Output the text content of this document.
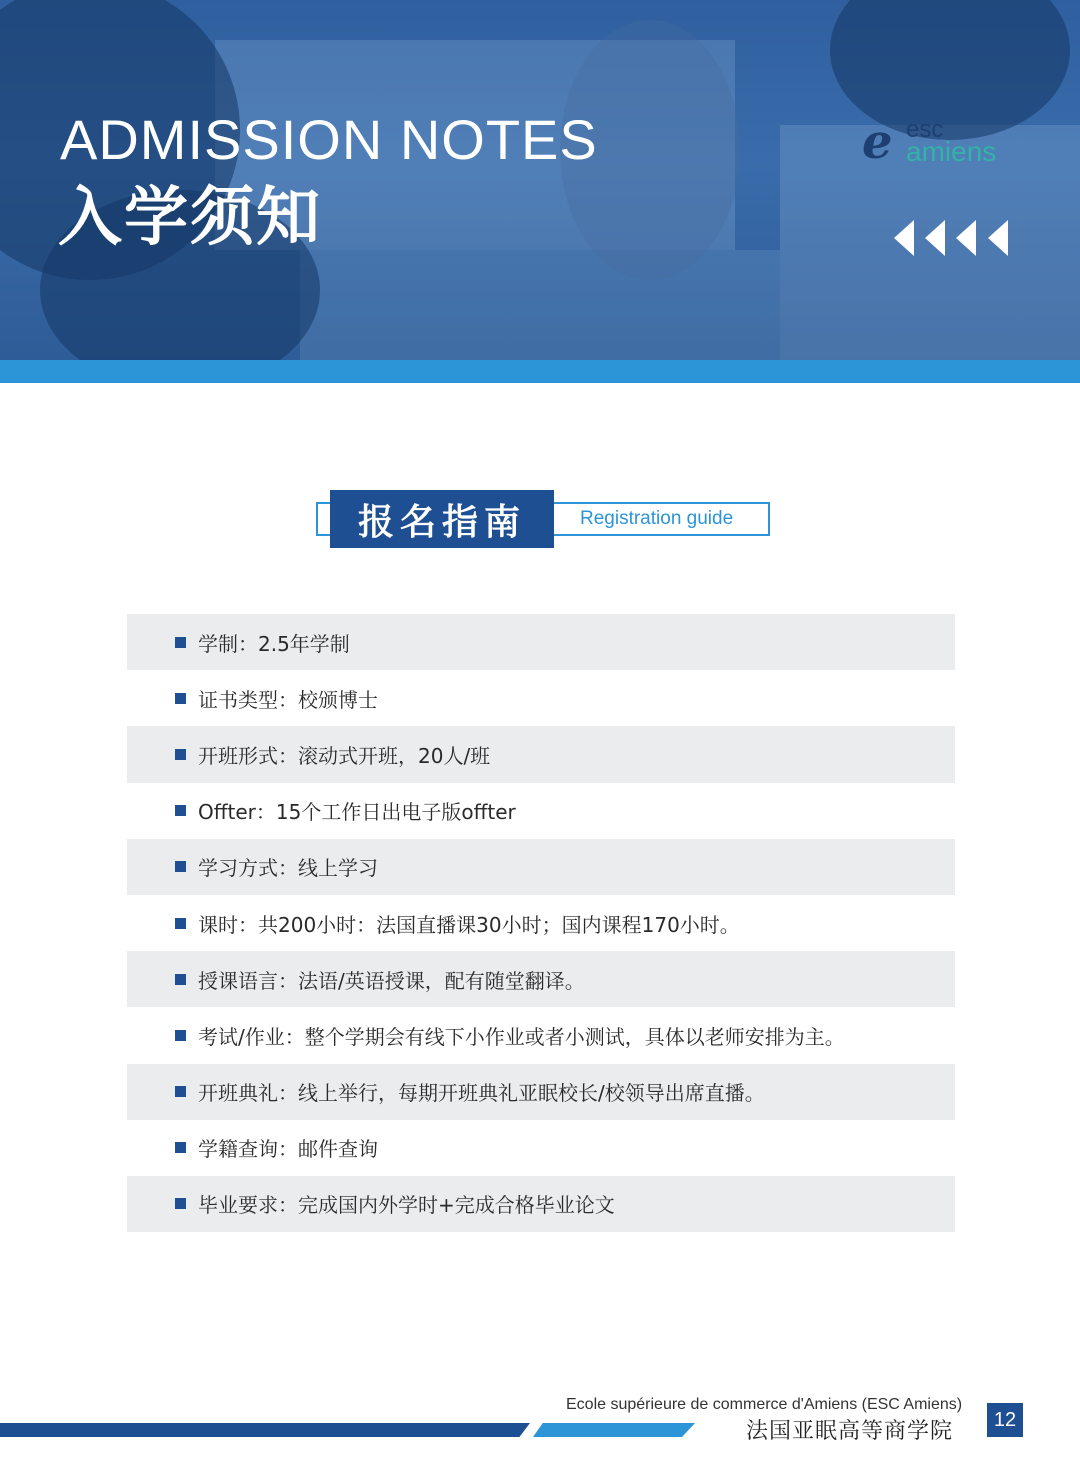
ADMISSION NOTES
入学须知
e esc
amiens
报名指南	Registration guide
学制：2.5年学制
证书类型：校颁博士
开班形式：滚动式开班，20人/班
Offter：15个工作日出电子版offter
学习方式：线上学习
课时：共200小时：法国直播课30小时；国内课程170小时。
授课语言：法语/英语授课，配有随堂翻译。
考试/作业：整个学期会有线下小作业或者小测试，具体以老师安排为主。
开班典礼：线上举行，每期开班典礼亚眠校长/校领导出席直播。
学籍查询：邮件查询
毕业要求：完成国内外学时+完成合格毕业论文
Ecole supérieure de commerce d'Amiens (ESC Amiens)
法国亚眠高等商学院	12
